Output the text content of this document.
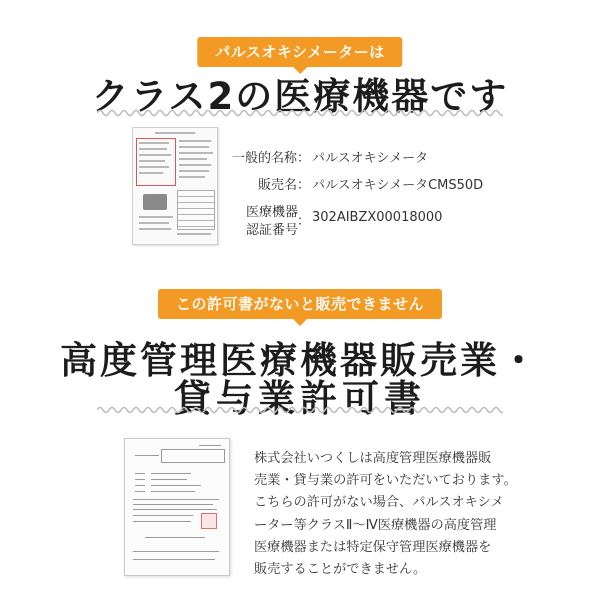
パルスオキシメーターは
クラス2の医療機器です
一般的名称：
販売名：
医療機器
認証番号
：
パルスオキシメータ
パルスオキシメータCMS50D
302AIBZX00018000
この許可書がないと販売できません
高度管理医療機器販売業・
貸与業許可書
株式会社いつくしは高度管理医療機器販
売業・貸与業の許可をいただいております。
こちらの許可がない場合、パルスオキシメ
ーター等クラスⅡ～Ⅳ医療機器の高度管理
医療機器または特定保守管理医療機器を
販売することができません。
